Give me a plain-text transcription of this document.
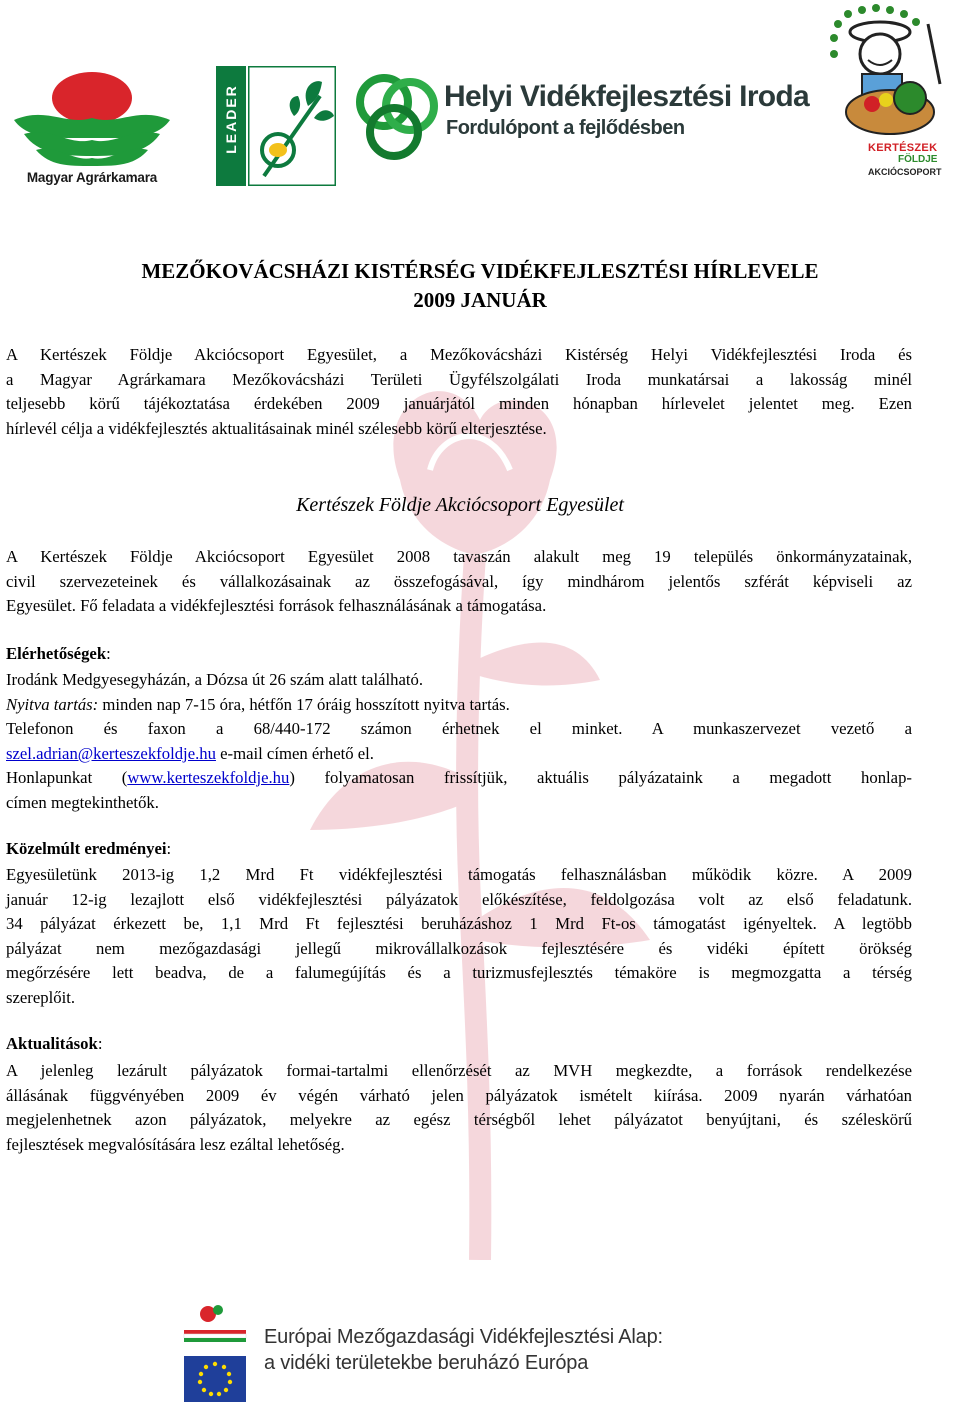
Magyar Agrárkamara
LEADER	Helyi Vidékfejlesztési Iroda
Fordulópont a fejlődésben
KERTÉSZEK
FÖLDJE
AKCIÓCSOPORT
MEZŐKOVÁCSHÁZI KISTÉRSÉG VIDÉKFEJLESZTÉSI HÍRLEVELE
2009 JANUÁR
A Kertészek Földje Akciócsoport Egyesület, a Mezőkovácsházi Kistérség Helyi Vidékfejlesztési Iroda és
a Magyar Agrárkamara Mezőkovácsházi Területi Ügyfélszolgálati Iroda munkatársai a lakosság minél
teljesebb körű tájékoztatása érdekében 2009 januárjától minden hónapban hírlevelet jelentet meg. Ezen
hírlevél célja a vidékfejlesztés aktualitásainak minél szélesebb körű elterjesztése.
Kertészek Földje Akciócsoport Egyesület
A Kertészek Földje Akciócsoport Egyesület 2008 tavaszán alakult meg 19 település önkormányzatainak,
civil szervezeteinek és vállalkozásainak az összefogásával, így mindhárom jelentős szférát képviseli az
Egyesület. Fő feladata a vidékfejlesztési források felhasználásának a támogatása.
Elérhetőségek:
Irodánk Medgyesegyházán, a Dózsa út 26 szám alatt található.
Nyitva tartás: minden nap 7-15 óra, hétfőn 17 óráig hosszított nyitva tartás.
Telefonon és faxon a 68/440-172 számon érhetnek el minket. A munkaszervezet vezető a
szel.adrian@kerteszekfoldje.hu e-mail címen érhető el.
Honlapunkat (www.kerteszekfoldje.hu) folyamatosan frissítjük, aktuális pályázataink a megadott honlap-
címen megtekinthetők.
Közelmúlt eredményei:
Egyesületünk 2013-ig 1,2 Mrd Ft vidékfejlesztési támogatás felhasználásban működik közre. A 2009
január 12-ig lezajlott első vidékfejlesztési pályázatok előkészítése, feldolgozása volt az első feladatunk.
34 pályázat érkezett be, 1,1 Mrd Ft fejlesztési beruházáshoz 1 Mrd Ft-os támogatást igényeltek. A legtöbb
pályázat nem mezőgazdasági jellegű mikrovállalkozások fejlesztésére és vidéki épített örökség
megőrzésére lett beadva, de a falumegújítás és a turizmusfejlesztés témaköre is megmozgatta a térség
szereplőit.
Aktualitások:
A jelenleg lezárult pályázatok formai-tartalmi ellenőrzését az MVH megkezdte, a források rendelkezése
állásának függvényében 2009 év végén várható jelen pályázatok ismételt kiírása. 2009 nyarán várhatóan
megjelenhetnek azon pályázatok, melyekre az egész térségből lehet pályázatot benyújtani, és széleskörű
fejlesztések megvalósítására lesz ezáltal lehetőség.
Európai Mezőgazdasági Vidékfejlesztési Alap:
a vidéki területekbe beruházó Európa
